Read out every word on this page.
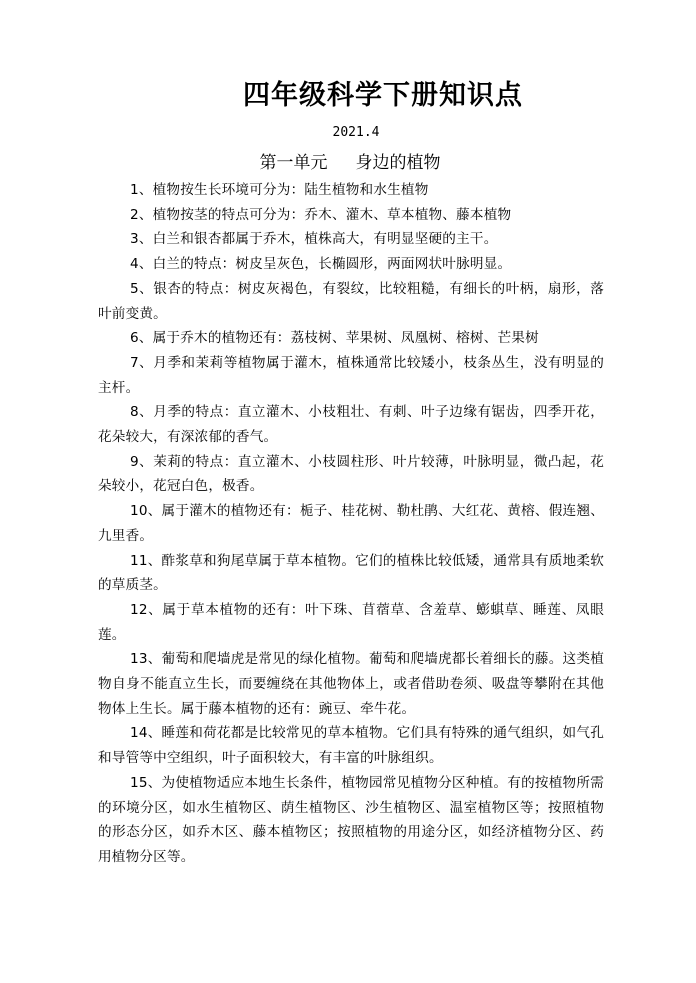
四年级科学下册知识点
2021.4
第一单元 身边的植物

1、植物按生长环境可分为：陆生植物和水生植物

2、植物按茎的特点可分为：乔木、灌木、草本植物、藤本植物

3、白兰和银杏都属于乔木，植株高大，有明显坚硬的主干。

4、白兰的特点：树皮呈灰色，长椭圆形，两面网状叶脉明显。

5、银杏的特点：树皮灰褐色，有裂纹，比较粗糙，有细长的叶柄，扇形，落叶前变黄。

6、属于乔木的植物还有：荔枝树、苹果树、凤凰树、榕树、芒果树

7、月季和茉莉等植物属于灌木，植株通常比较矮小，枝条丛生，没有明显的主杆。

8、月季的特点：直立灌木、小枝粗壮、有刺、叶子边缘有锯齿，四季开花，花朵较大，有深浓郁的香气。

9、茉莉的特点：直立灌木、小枝圆柱形、叶片较薄，叶脉明显，微凸起，花朵较小，花冠白色，极香。

10、属于灌木的植物还有：栀子、桂花树、勒杜鹃、大红花、黄榕、假连翘、九里香。

11、酢浆草和狗尾草属于草本植物。它们的植株比较低矮，通常具有质地柔软的草质茎。

12、属于草本植物的还有：叶下珠、苜蓿草、含羞草、蟛蜞草、睡莲、凤眼莲。

13、葡萄和爬墙虎是常见的绿化植物。葡萄和爬墙虎都长着细长的藤。这类植物自身不能直立生长，而要缠绕在其他物体上，或者借助卷须、吸盘等攀附在其他物体上生长。属于藤本植物的还有：豌豆、牵牛花。

14、睡莲和荷花都是比较常见的草本植物。它们具有特殊的通气组织，如气孔和导管等中空组织，叶子面积较大，有丰富的叶脉组织。

15、为使植物适应本地生长条件，植物园常见植物分区种植。有的按植物所需的环境分区，如水生植物区、荫生植物区、沙生植物区、温室植物区等；按照植物的形态分区，如乔木区、藤本植物区；按照植物的用途分区，如经济植物分区、药用植物分区等。
